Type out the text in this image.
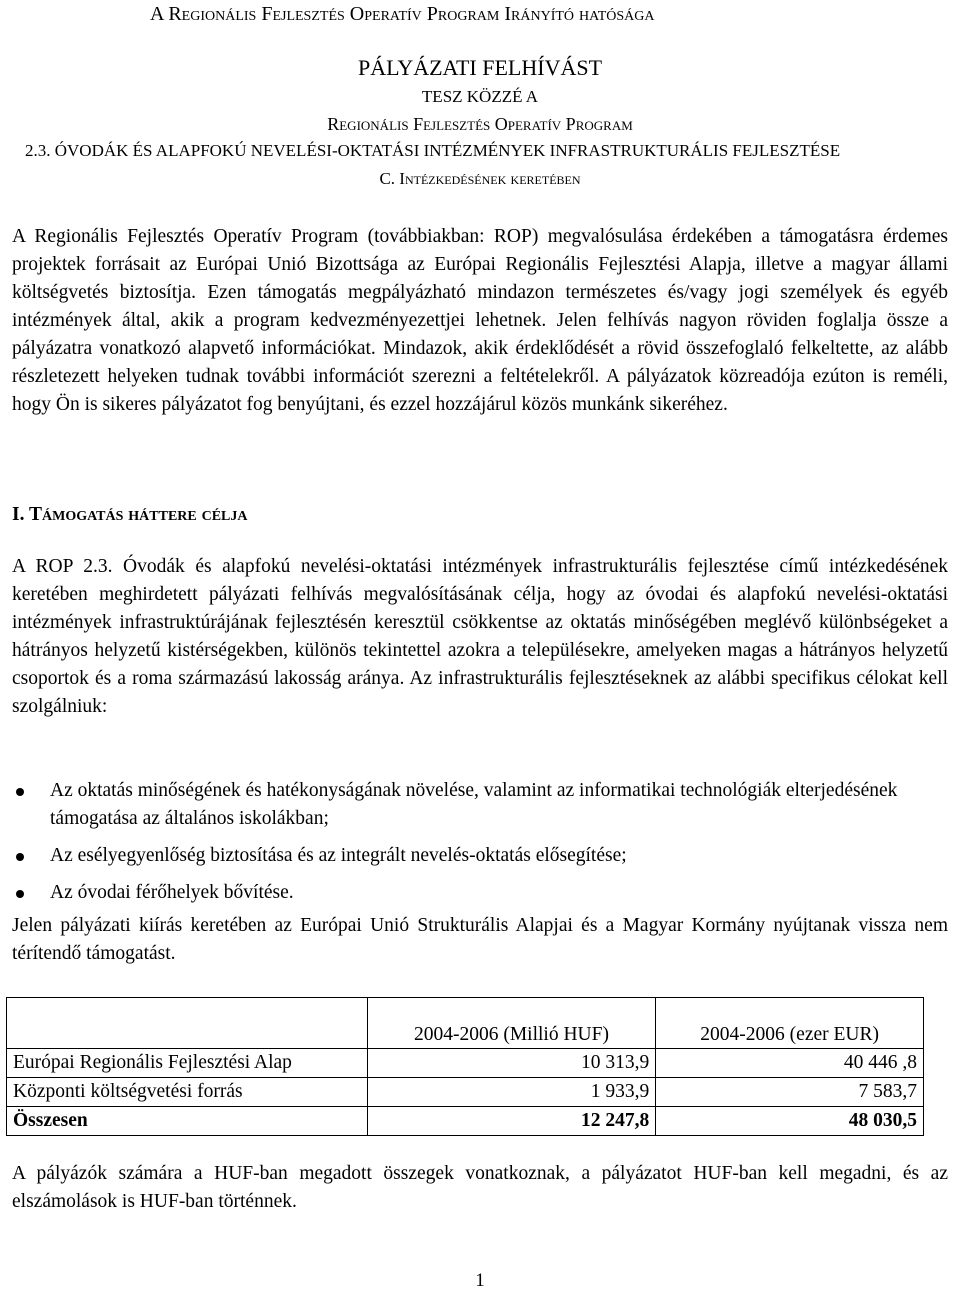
A Regionális Fejlesztés Operatív Program Irányító hatósága
PÁLYÁZATI FELHÍVÁST
TESZ KÖZZÉ A
Regionális Fejlesztés Operatív Program
2.3. ÓVODÁK ÉS ALAPFOKÚ NEVELÉSI-OKTATÁSI INTÉZMÉNYEK INFRASTRUKTURÁLIS FEJLESZTÉSE
C. Intézkedésének keretében
A Regionális Fejlesztés Operatív Program (továbbiakban: ROP) megvalósulása érdekében a támogatásra érdemes projektek forrásait az Európai Unió Bizottsága az Európai Regionális Fejlesztési Alapja, illetve a magyar állami költségvetés biztosítja. Ezen támogatás megpályázható mindazon természetes és/vagy jogi személyek és egyéb intézmények által, akik a program kedvezményezettjei lehetnek. Jelen felhívás nagyon röviden foglalja össze a pályázatra vonatkozó alapvető információkat. Mindazok, akik érdeklődését a rövid összefoglaló felkeltette, az alább részletezett helyeken tudnak további információt szerezni a feltételekről. A pályázatok közreadója ezúton is reméli, hogy Ön is sikeres pályázatot fog benyújtani, és ezzel hozzájárul közös munkánk sikeréhez.
I. Támogatás háttere célja
A ROP 2.3. Óvodák és alapfokú nevelési-oktatási intézmények infrastrukturális fejlesztése című intézkedésének keretében meghirdetett pályázati felhívás megvalósításának célja, hogy az óvodai és alapfokú nevelési-oktatási intézmények infrastruktúrájának fejlesztésén keresztül csökkentse az oktatás minőségében meglévő különbségeket a hátrányos helyzetű kistérségekben, különös tekintettel azokra a településekre, amelyeken magas a hátrányos helyzetű csoportok és a roma származású lakosság aránya. Az infrastrukturális fejlesztéseknek az alábbi specifikus célokat kell szolgálniuk:
Az oktatás minőségének és hatékonyságának növelése, valamint az informatikai technológiák elterjedésének támogatása az általános iskolákban;
Az esélyegyenlőség biztosítása és az integrált nevelés-oktatás elősegítése;
Az óvodai férőhelyek bővítése.
Jelen pályázati kiírás keretében az Európai Unió Strukturális Alapjai és a Magyar Kormány nyújtanak vissza nem térítendő támogatást.
	2004-2006 (Millió HUF)	2004-2006 (ezer EUR)
Európai Regionális Fejlesztési Alap	10 313,9	40 446 ,8
Központi költségvetési forrás	1 933,9	7 583,7
Összesen	12 247,8	48 030,5
A pályázók számára a HUF-ban megadott összegek vonatkoznak, a pályázatot HUF-ban kell megadni, és az elszámolások is HUF-ban történnek.
1
